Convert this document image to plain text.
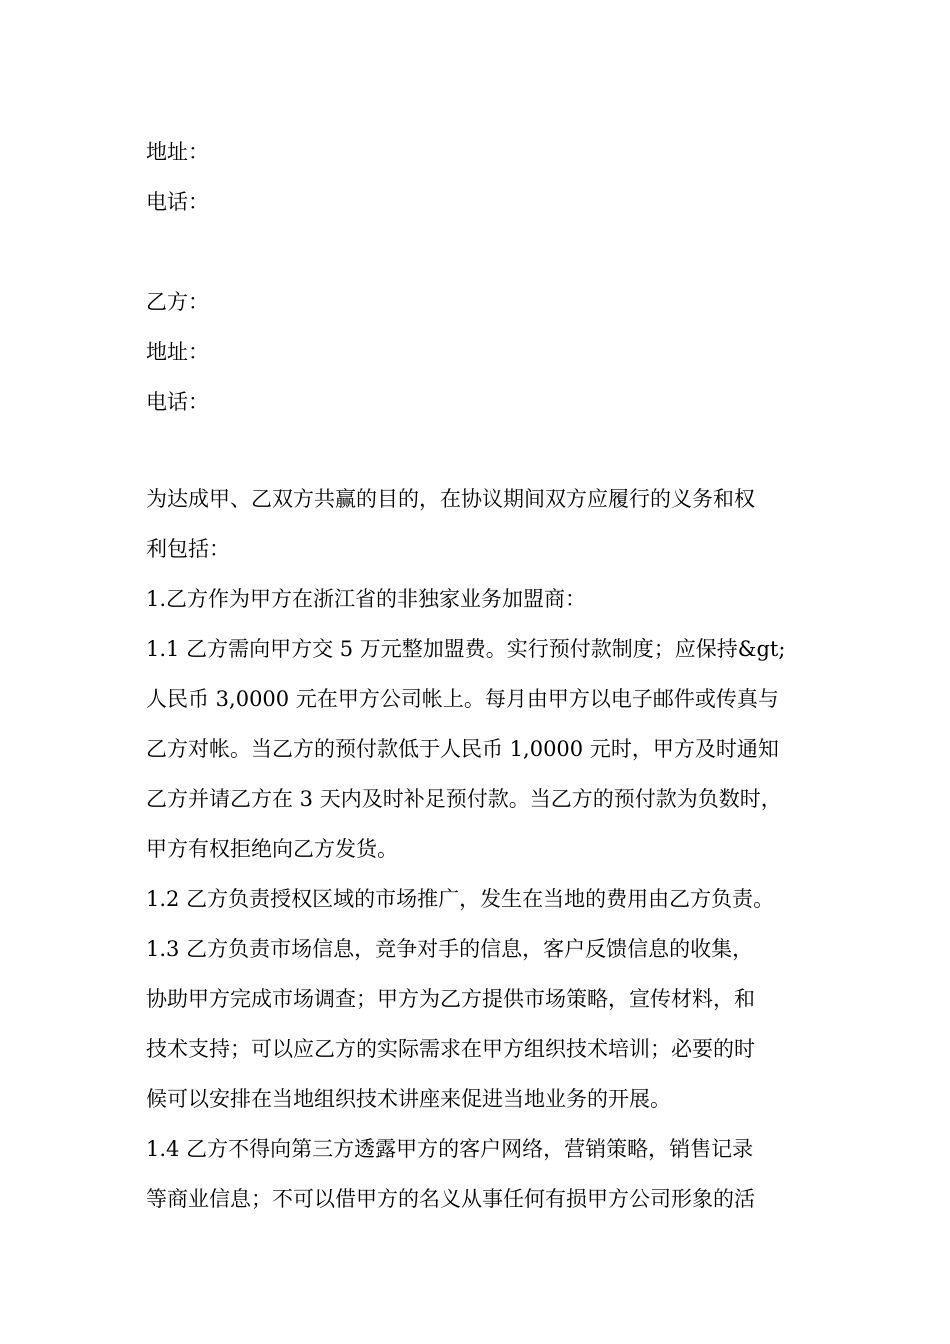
地址：
电话：
乙方：
地址：
电话：
为达成甲、乙双方共赢的目的，在协议期间双方应履行的义务和权
利包括：
1.乙方作为甲方在浙江省的非独家业务加盟商：
1.1 乙方需向甲方交 5 万元整加盟费。实行预付款制度；应保持&gt;
人民币 3,0000 元在甲方公司帐上。每月由甲方以电子邮件或传真与
乙方对帐。当乙方的预付款低于人民币 1,0000 元时，甲方及时通知
乙方并请乙方在 3 天内及时补足预付款。当乙方的预付款为负数时，
甲方有权拒绝向乙方发货。
1.2 乙方负责授权区域的市场推广，发生在当地的费用由乙方负责。
1.3 乙方负责市场信息，竞争对手的信息，客户反馈信息的收集，
协助甲方完成市场调查；甲方为乙方提供市场策略，宣传材料，和
技术支持；可以应乙方的实际需求在甲方组织技术培训；必要的时
候可以安排在当地组织技术讲座来促进当地业务的开展。
1.4 乙方不得向第三方透露甲方的客户网络，营销策略，销售记录
等商业信息；不可以借甲方的名义从事任何有损甲方公司形象的活
